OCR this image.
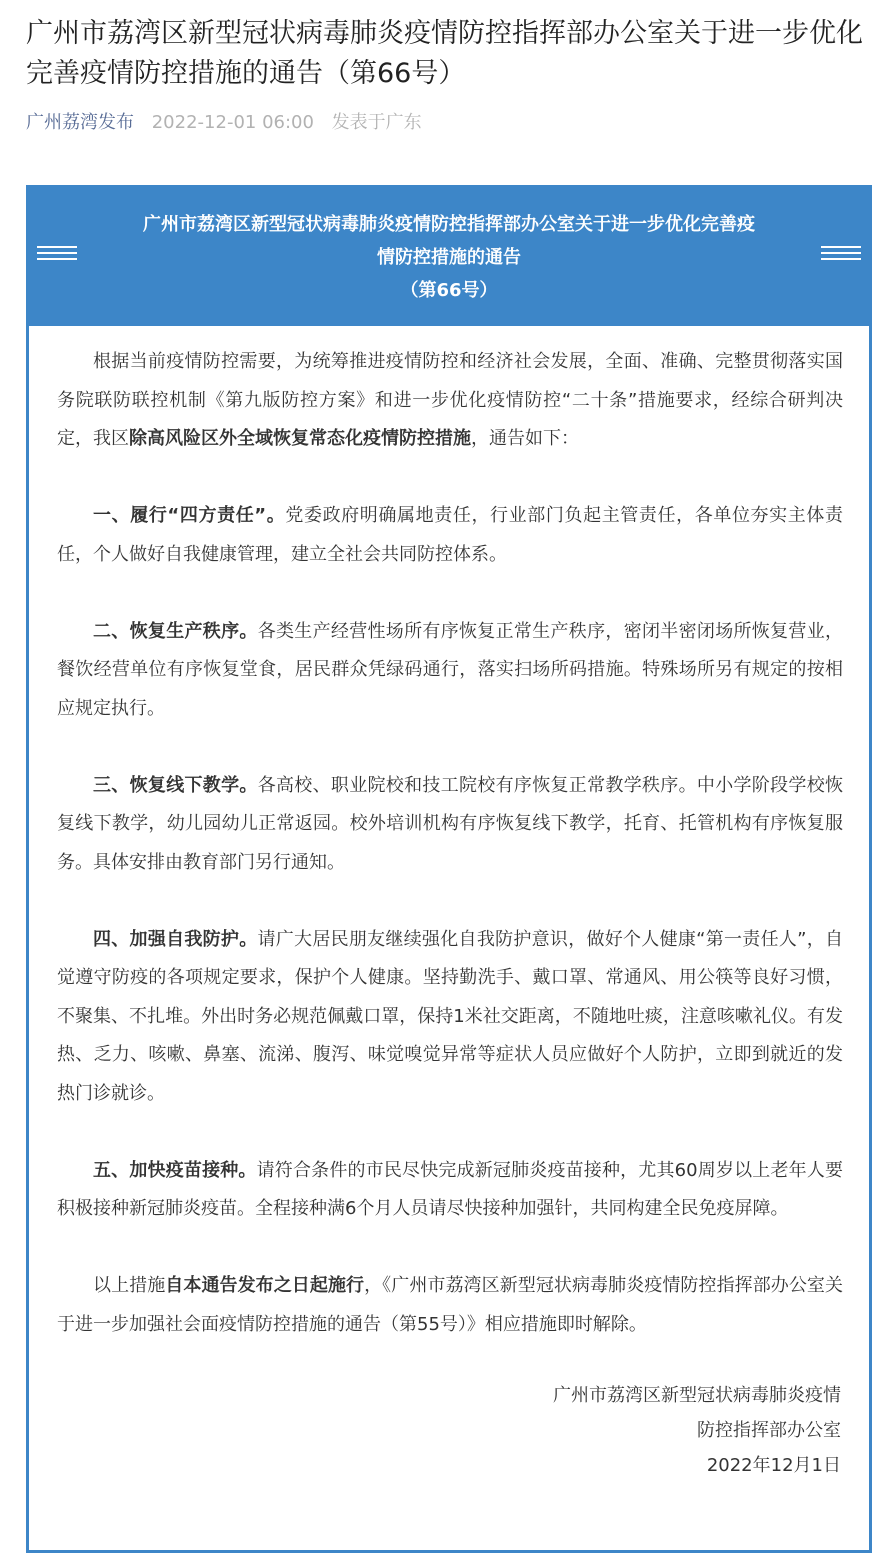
广州市荔湾区新型冠状病毒肺炎疫情防控指挥部办公室关于进一步优化完善疫情防控措施的通告（第66号）
广州荔湾发布 2022-12-01 06:00 发表于广东
广州市荔湾区新型冠状病毒肺炎疫情防控指挥部办公室关于进一步优化完善疫
情防控措施的通告
（第66号）

根据当前疫情防控需要，为统筹推进疫情防控和经济社会发展，全面、准确、完整贯彻落实国务院联防联控机制《第九版防控方案》和进一步优化疫情防控“二十条”措施要求，经综合研判决定，我区除高风险区外全域恢复常态化疫情防控措施，通告如下：

一、履行“四方责任”。党委政府明确属地责任，行业部门负起主管责任，各单位夯实主体责任，个人做好自我健康管理，建立全社会共同防控体系。

二、恢复生产秩序。各类生产经营性场所有序恢复正常生产秩序，密闭半密闭场所恢复营业，餐饮经营单位有序恢复堂食，居民群众凭绿码通行，落实扫场所码措施。特殊场所另有规定的按相应规定执行。

三、恢复线下教学。各高校、职业院校和技工院校有序恢复正常教学秩序。中小学阶段学校恢复线下教学，幼儿园幼儿正常返园。校外培训机构有序恢复线下教学，托育、托管机构有序恢复服务。具体安排由教育部门另行通知。

四、加强自我防护。请广大居民朋友继续强化自我防护意识，做好个人健康“第一责任人”，自觉遵守防疫的各项规定要求，保护个人健康。坚持勤洗手、戴口罩、常通风、用公筷等良好习惯，不聚集、不扎堆。外出时务必规范佩戴口罩，保持1米社交距离，不随地吐痰，注意咳嗽礼仪。有发热、乏力、咳嗽、鼻塞、流涕、腹泻、味觉嗅觉异常等症状人员应做好个人防护，立即到就近的发热门诊就诊。

五、加快疫苗接种。请符合条件的市民尽快完成新冠肺炎疫苗接种，尤其60周岁以上老年人要积极接种新冠肺炎疫苗。全程接种满6个月人员请尽快接种加强针，共同构建全民免疫屏障。

以上措施自本通告发布之日起施行，《广州市荔湾区新型冠状病毒肺炎疫情防控指挥部办公室关于进一步加强社会面疫情防控措施的通告（第55号）》相应措施即时解除。

广州市荔湾区新型冠状病毒肺炎疫情
防控指挥部办公室
2022年12月1日
